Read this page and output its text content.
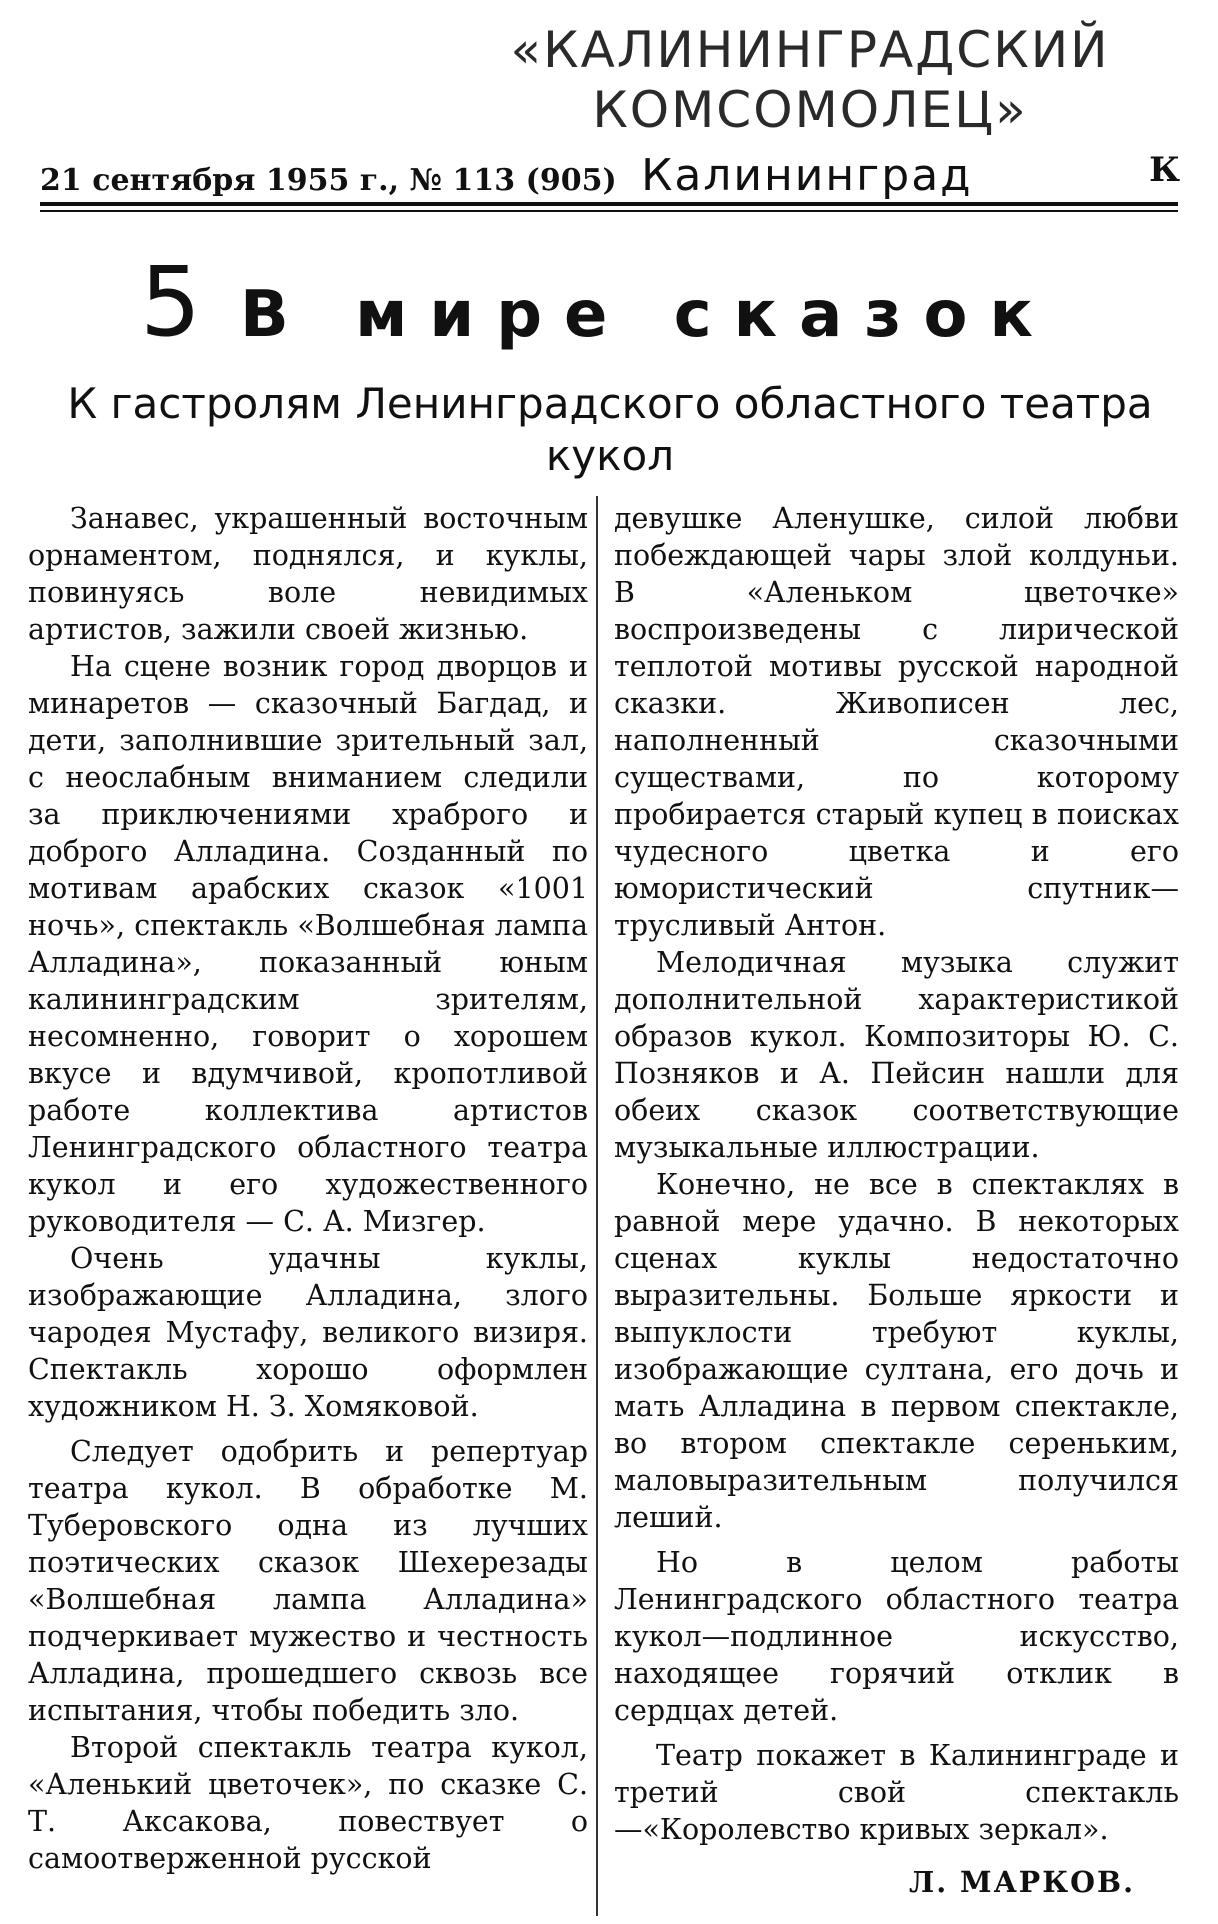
«КАЛИНИНГРАДСКИЙ
КОМСОМОЛЕЦ»
21 сентября 1955 г., № 113 (905) Калининград	К
5 В мире сказок
К гастролям Ленинградского областного театра кукол

Занавес, украшенный восточным орнаментом, поднялся, и куклы, повинуясь воле невидимых артистов, зажили своей жизнью.

На сцене возник город дворцов и минаретов — сказочный Багдад, и дети, заполнившие зрительный зал, с неослабным вниманием следили за приключениями храброго и доброго Алладина. Созданный по мотивам арабских сказок «1001 ночь», спектакль «Волшебная лампа Алладина», показанный юным калининградским зрителям, несомненно, говорит о хорошем вкусе и вдумчивой, кропотливой работе коллектива артистов Ленинградского областного театра кукол и его художественного руководителя — С. А. Мизгер.

Очень удачны куклы, изображающие Алладина, злого чародея Мустафу, великого визиря. Спектакль хорошо оформлен художником Н. З. Хомяковой.

Следует одобрить и репертуар театра кукол. В обработке М. Туберовского одна из лучших поэтических сказок Шехерезады «Волшебная лампа Алладина» подчеркивает мужество и честность Алладина, прошедшего сквозь все испытания, чтобы победить зло.

Второй спектакль театра кукол, «Аленький цветочек», по сказке С. Т. Аксакова, повествует о самоотверженной русской

девушке Аленушке, силой любви побеждающей чары злой колдуньи. В «Аленьком цветочке» воспроизведены с лирической теплотой мотивы русской народной сказки. Живописен лес, наполненный сказочными существами, по которому пробирается старый купец в поисках чудесного цветка и его юмористический спутник—трусливый Антон.

Мелодичная музыка служит дополнительной характеристикой образов кукол. Композиторы Ю. С. Позняков и А. Пейсин нашли для обеих сказок соответствующие музыкальные иллюстрации.

Конечно, не все в спектаклях в равной мере удачно. В некоторых сценах куклы недостаточно выразительны. Больше яркости и выпуклости требуют куклы, изображающие султана, его дочь и мать Алладина в первом спектакле, во втором спектакле сереньким, маловыразительным получился леший.

Но в целом работы Ленинградского областного театра кукол—подлинное искусство, находящее горячий отклик в сердцах детей.

Театр покажет в Калининграде и третий свой спектакль—«Королевство кривых зеркал».

Л. МАРКОВ.
